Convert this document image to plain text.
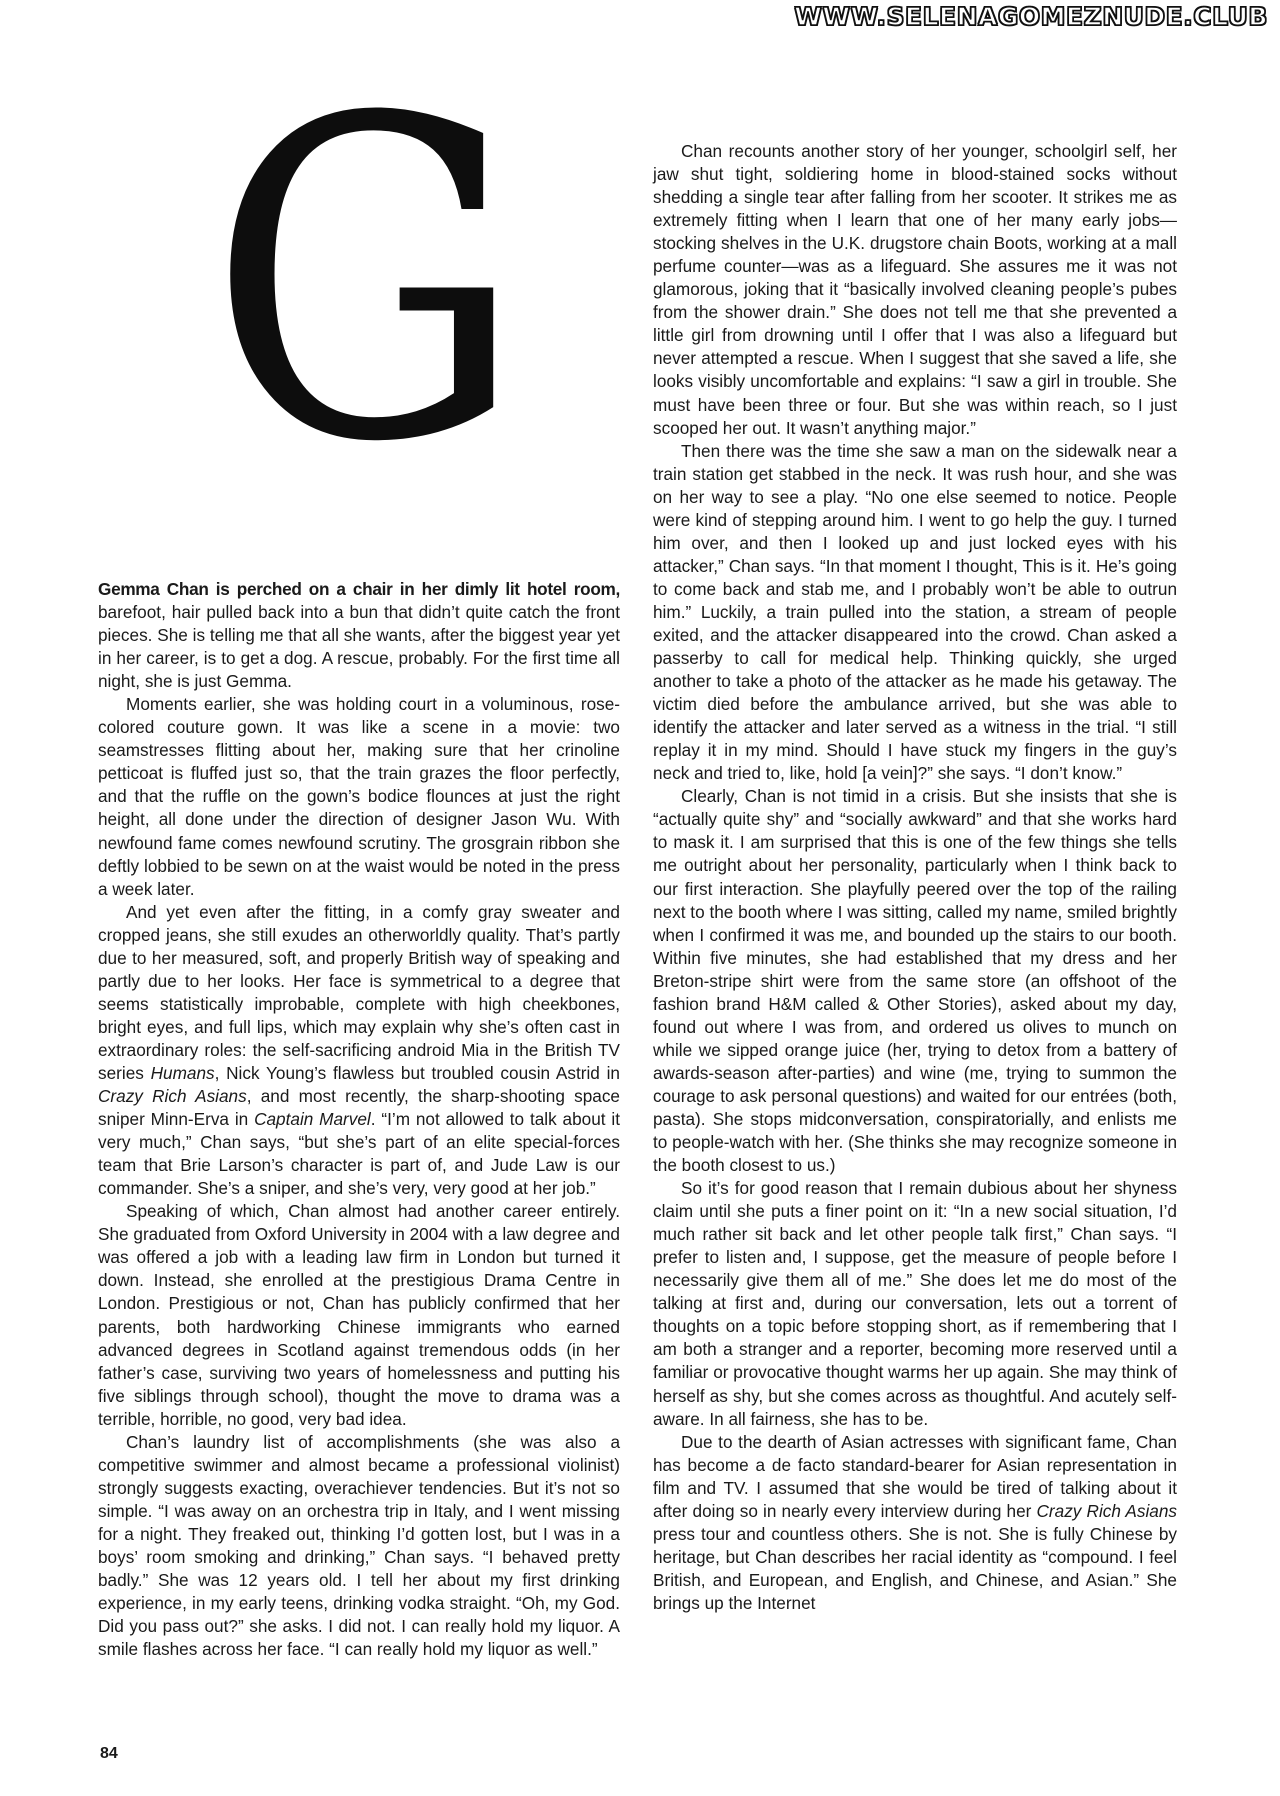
WWW.SELENAGOMEZNUDE.CLUB
G

Gemma Chan is perched on a chair in her dimly lit hotel room, barefoot, hair pulled back into a bun that didn’t quite catch the front pieces. She is telling me that all she wants, after the biggest year yet in her career, is to get a dog. A rescue, probably. For the first time all night, she is just Gemma.

Moments earlier, she was holding court in a voluminous, rose-colored couture gown. It was like a scene in a movie: two seamstresses flitting about her, making sure that her crinoline petticoat is fluffed just so, that the train grazes the floor perfectly, and that the ruffle on the gown’s bodice flounces at just the right height, all done under the direction of designer Jason Wu. With newfound fame comes newfound scrutiny. The grosgrain ribbon she deftly lobbied to be sewn on at the waist would be noted in the press a week later.

And yet even after the fitting, in a comfy gray sweater and cropped jeans, she still exudes an otherworldly quality. That’s partly due to her measured, soft, and properly British way of speaking and partly due to her looks. Her face is symmetrical to a degree that seems statistically improbable, complete with high cheekbones, bright eyes, and full lips, which may explain why she’s often cast in extraordinary roles: the self-sacrificing android Mia in the British TV series Humans, Nick Young’s flawless but troubled cousin Astrid in Crazy Rich Asians, and most recently, the sharp-shooting space sniper Minn-Erva in Captain Marvel. “I’m not allowed to talk about it very much,” Chan says, “but she’s part of an elite special-forces team that Brie Larson’s character is part of, and Jude Law is our commander. She’s a sniper, and she’s very, very good at her job.”

Speaking of which, Chan almost had another career entirely. She graduated from Oxford University in 2004 with a law degree and was offered a job with a leading law firm in London but turned it down. Instead, she enrolled at the prestigious Drama Centre in London. Prestigious or not, Chan has publicly confirmed that her parents, both hardworking Chinese immigrants who earned advanced degrees in Scotland against tremendous odds (in her father’s case, surviving two years of homelessness and putting his five siblings through school), thought the move to drama was a terrible, horrible, no good, very bad idea.

Chan’s laundry list of accomplishments (she was also a competitive swimmer and almost became a professional violinist) strongly suggests exacting, overachiever tendencies. But it’s not so simple. “I was away on an orchestra trip in Italy, and I went missing for a night. They freaked out, thinking I’d gotten lost, but I was in a boys’ room smoking and drinking,” Chan says. “I behaved pretty badly.” She was 12 years old. I tell her about my first drinking experience, in my early teens, drinking vodka straight. “Oh, my God. Did you pass out?” she asks. I did not. I can really hold my liquor. A smile flashes across her face. “I can really hold my liquor as well.”

Chan recounts another story of her younger, schoolgirl self, her jaw shut tight, soldiering home in blood-stained socks without shedding a single tear after falling from her scooter. It strikes me as extremely fitting when I learn that one of her many early jobs—stocking shelves in the U.K. drugstore chain Boots, working at a mall perfume counter—was as a lifeguard. She assures me it was not glamorous, joking that it “basically involved cleaning people’s pubes from the shower drain.” She does not tell me that she prevented a little girl from drowning until I offer that I was also a lifeguard but never attempted a rescue. When I suggest that she saved a life, she looks visibly uncomfortable and explains: “I saw a girl in trouble. She must have been three or four. But she was within reach, so I just scooped her out. It wasn’t anything major.”

Then there was the time she saw a man on the sidewalk near a train station get stabbed in the neck. It was rush hour, and she was on her way to see a play. “No one else seemed to notice. People were kind of stepping around him. I went to go help the guy. I turned him over, and then I looked up and just locked eyes with his attacker,” Chan says. “In that moment I thought, This is it. He’s going to come back and stab me, and I probably won’t be able to outrun him.” Luckily, a train pulled into the station, a stream of people exited, and the attacker disappeared into the crowd. Chan asked a passerby to call for medical help. Thinking quickly, she urged another to take a photo of the attacker as he made his getaway. The victim died before the ambulance arrived, but she was able to identify the attacker and later served as a witness in the trial. “I still replay it in my mind. Should I have stuck my fingers in the guy’s neck and tried to, like, hold [a vein]?” she says. “I don’t know.”

Clearly, Chan is not timid in a crisis. But she insists that she is “actually quite shy” and “socially awkward” and that she works hard to mask it. I am surprised that this is one of the few things she tells me outright about her personality, particularly when I think back to our first interaction. She playfully peered over the top of the railing next to the booth where I was sitting, called my name, smiled brightly when I confirmed it was me, and bounded up the stairs to our booth. Within five minutes, she had established that my dress and her Breton-stripe shirt were from the same store (an offshoot of the fashion brand H&M called & Other Stories), asked about my day, found out where I was from, and ordered us olives to munch on while we sipped orange juice (her, trying to detox from a battery of awards-season after-parties) and wine (me, trying to summon the courage to ask personal questions) and waited for our entrées (both, pasta). She stops midconversation, conspiratorially, and enlists me to people-watch with her. (She thinks she may recognize someone in the booth closest to us.)

So it’s for good reason that I remain dubious about her shyness claim until she puts a finer point on it: “In a new social situation, I’d much rather sit back and let other people talk first,” Chan says. “I prefer to listen and, I suppose, get the measure of people before I necessarily give them all of me.” She does let me do most of the talking at first and, during our conversation, lets out a torrent of thoughts on a topic before stopping short, as if remembering that I am both a stranger and a reporter, becoming more reserved until a familiar or provocative thought warms her up again. She may think of herself as shy, but she comes across as thoughtful. And acutely self-aware. In all fairness, she has to be.

Due to the dearth of Asian actresses with significant fame, Chan has become a de facto standard-bearer for Asian representation in film and TV. I assumed that she would be tired of talking about it after doing so in nearly every interview during her Crazy Rich Asians press tour and countless others. She is not. She is fully Chinese by heritage, but Chan describes her racial identity as “compound. I feel British, and European, and English, and Chinese, and Asian.” She brings up the Internet

84
